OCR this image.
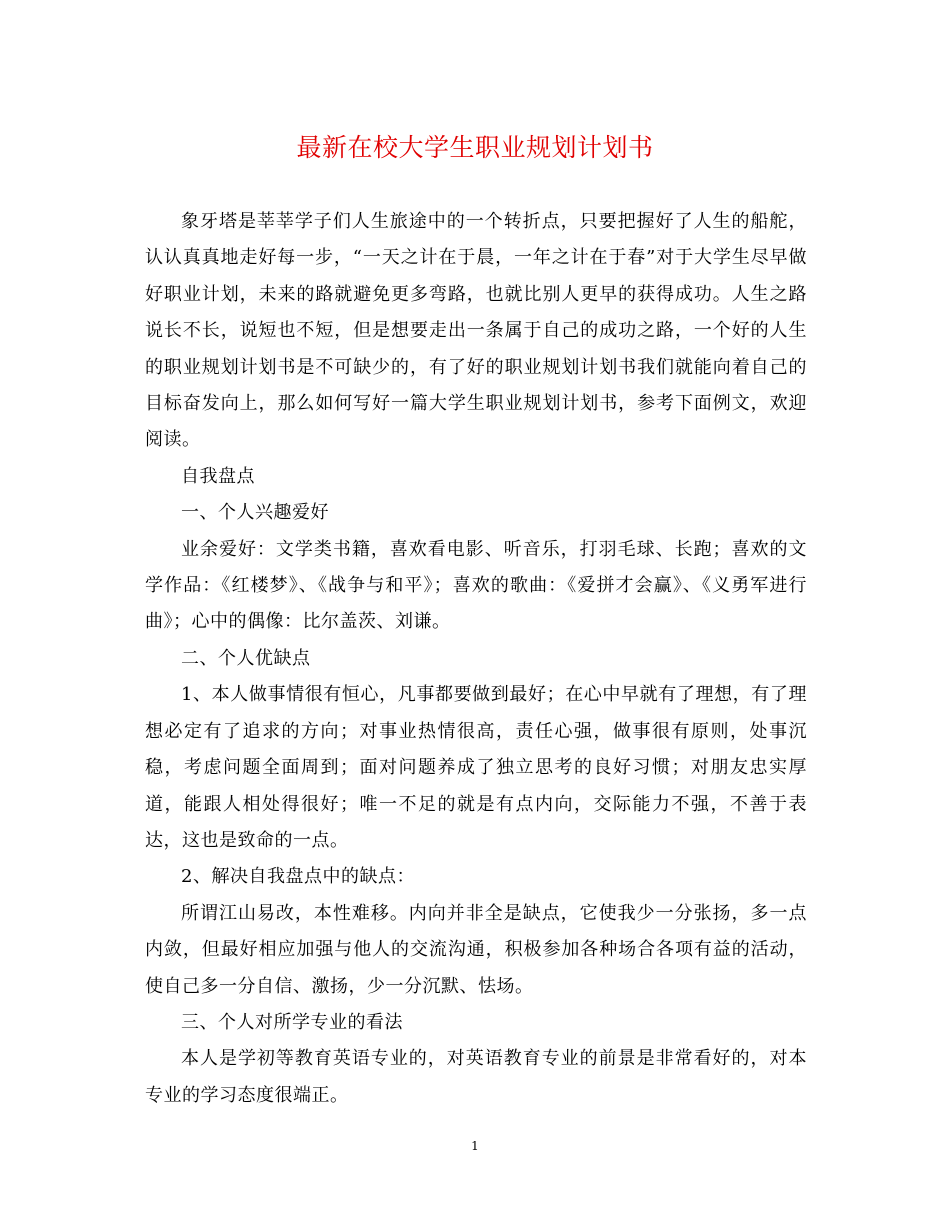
最新在校大学生职业规划计划书

象牙塔是莘莘学子们人生旅途中的一个转折点，只要把握好了人生的船舵，认认真真地走好每一步，“一天之计在于晨，一年之计在于春”对于大学生尽早做好职业计划，未来的路就避免更多弯路，也就比别人更早的获得成功。人生之路说长不长，说短也不短，但是想要走出一条属于自己的成功之路，一个好的人生的职业规划计划书是不可缺少的，有了好的职业规划计划书我们就能向着自己的目标奋发向上，那么如何写好一篇大学生职业规划计划书，参考下面例文，欢迎阅读。

自我盘点

一、个人兴趣爱好

业余爱好：文学类书籍，喜欢看电影、听音乐，打羽毛球、长跑；喜欢的文学作品：《红楼梦》、《战争与和平》；喜欢的歌曲：《爱拼才会赢》、《义勇军进行曲》；心中的偶像：比尔盖茨、刘谦。

二、个人优缺点

1、本人做事情很有恒心，凡事都要做到最好；在心中早就有了理想，有了理想必定有了追求的方向；对事业热情很高，责任心强，做事很有原则，处事沉稳，考虑问题全面周到；面对问题养成了独立思考的良好习惯；对朋友忠实厚道，能跟人相处得很好；唯一不足的就是有点内向，交际能力不强，不善于表达，这也是致命的一点。

2、解决自我盘点中的缺点：

所谓江山易改，本性难移。内向并非全是缺点，它使我少一分张扬，多一点内敛，但最好相应加强与他人的交流沟通，积极参加各种场合各项有益的活动，使自己多一分自信、激扬，少一分沉默、怯场。

三、个人对所学专业的看法

本人是学初等教育英语专业的，对英语教育专业的前景是非常看好的，对本专业的学习态度很端正。

1
